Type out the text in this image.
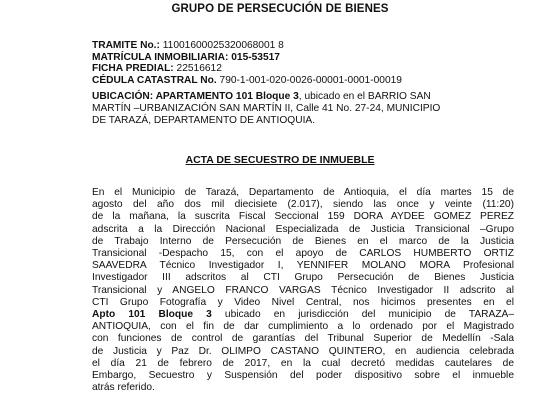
GRUPO DE PERSECUCIÓN DE BIENES
TRAMITE No.: 11001600025320068001 8
MATRÍCULA INMOBILIARIA: 015-53517
FICHA PREDIAL: 22516612
CÉDULA CATASTRAL No. 790-1-001-020-0026-00001-0001-00019
UBICACIÓN: APARTAMENTO 101 Bloque 3, ubicado en el BARRIO SAN
MARTÍN –URBANIZACIÓN SAN MARTÍN II, Calle 41 No. 27-24, MUNICIPIO
DE TARAZÁ, DEPARTAMENTO DE ANTIOQUIA.
ACTA DE SECUESTRO DE INMUEBLE
En el Municipio de Tarazá, Departamento de Antioquia, el día martes 15 de
agosto del año dos mil diecisiete (2.017), siendo las once y veinte (11:20)
de la mañana, la suscrita Fiscal Seccional 159 DORA AYDEE GOMEZ PÉREZ
adscrita a la Dirección Nacional Especializada de Justicia Transicional –Grupo
de Trabajo Interno de Persecución de Bienes en el marco de la Justicia
Transicional -Despacho 15, con el apoyo de CARLOS HUMBERTO ORTIZ
SAAVEDRA Técnico Investigador I, YENNIFER MOLANO MORA Profesional
Investigador III adscritos al CTI Grupo Persecución de Bienes Justicia
Transicional y ANGELO FRANCO VARGAS Técnico Investigador II adscrito al
CTI Grupo Fotografía y Video Nivel Central, nos hicimos presentes en el
Apto 101 Bloque 3 ubicado en jurisdicción del municipio de TARAZÁ–
ANTIOQUIA, con el fin de dar cumplimiento a lo ordenado por el Magistrado
con funciones de control de garantías del Tribunal Superior de Medellín -Sala
de Justicia y Paz Dr. OLIMPO CASTAÑO QUINTERO, en audiencia celebrada
el día 21 de febrero de 2017, en la cual decretó medidas cautelares de
Embargo, Secuestro y Suspensión del poder dispositivo sobre el inmueble
atrás referido.
